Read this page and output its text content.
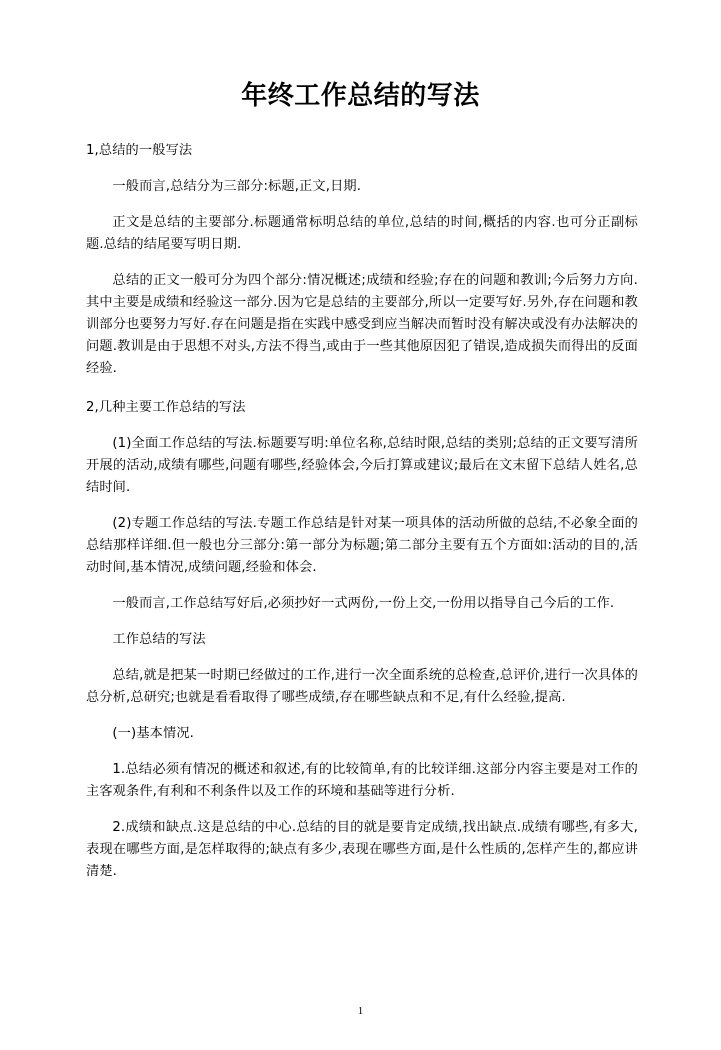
年终工作总结的写法

1,总结的一般写法

一般而言,总结分为三部分:标题,正文,日期.

正文是总结的主要部分.标题通常标明总结的单位,总结的时间,概括的内容.也可分正副标题.总结的结尾要写明日期.

总结的正文一般可分为四个部分:情况概述;成绩和经验;存在的问题和教训;今后努力方向.其中主要是成绩和经验这一部分.因为它是总结的主要部分,所以一定要写好.另外,存在问题和教训部分也要努力写好.存在问题是指在实践中感受到应当解决而暂时没有解决或没有办法解决的问题.教训是由于思想不对头,方法不得当,或由于一些其他原因犯了错误,造成损失而得出的反面经验.

2,几种主要工作总结的写法

(1)全面工作总结的写法.标题要写明:单位名称,总结时限,总结的类别;总结的正文要写清所开展的活动,成绩有哪些,问题有哪些,经验体会,今后打算或建议;最后在文末留下总结人姓名,总结时间.

(2)专题工作总结的写法.专题工作总结是针对某一项具体的活动所做的总结,不必象全面的总结那样详细.但一般也分三部分:第一部分为标题;第二部分主要有五个方面如:活动的目的,活动时间,基本情况,成绩问题,经验和体会.

一般而言,工作总结写好后,必须抄好一式两份,一份上交,一份用以指导自己今后的工作.

工作总结的写法

总结,就是把某一时期已经做过的工作,进行一次全面系统的总检查,总评价,进行一次具体的总分析,总研究;也就是看看取得了哪些成绩,存在哪些缺点和不足,有什么经验,提高.

(一)基本情况.

1.总结必须有情况的概述和叙述,有的比较简单,有的比较详细.这部分内容主要是对工作的主客观条件,有利和不利条件以及工作的环境和基础等进行分析.

2.成绩和缺点.这是总结的中心.总结的目的就是要肯定成绩,找出缺点.成绩有哪些,有多大,表现在哪些方面,是怎样取得的;缺点有多少,表现在哪些方面,是什么性质的,怎样产生的,都应讲清楚.

1
